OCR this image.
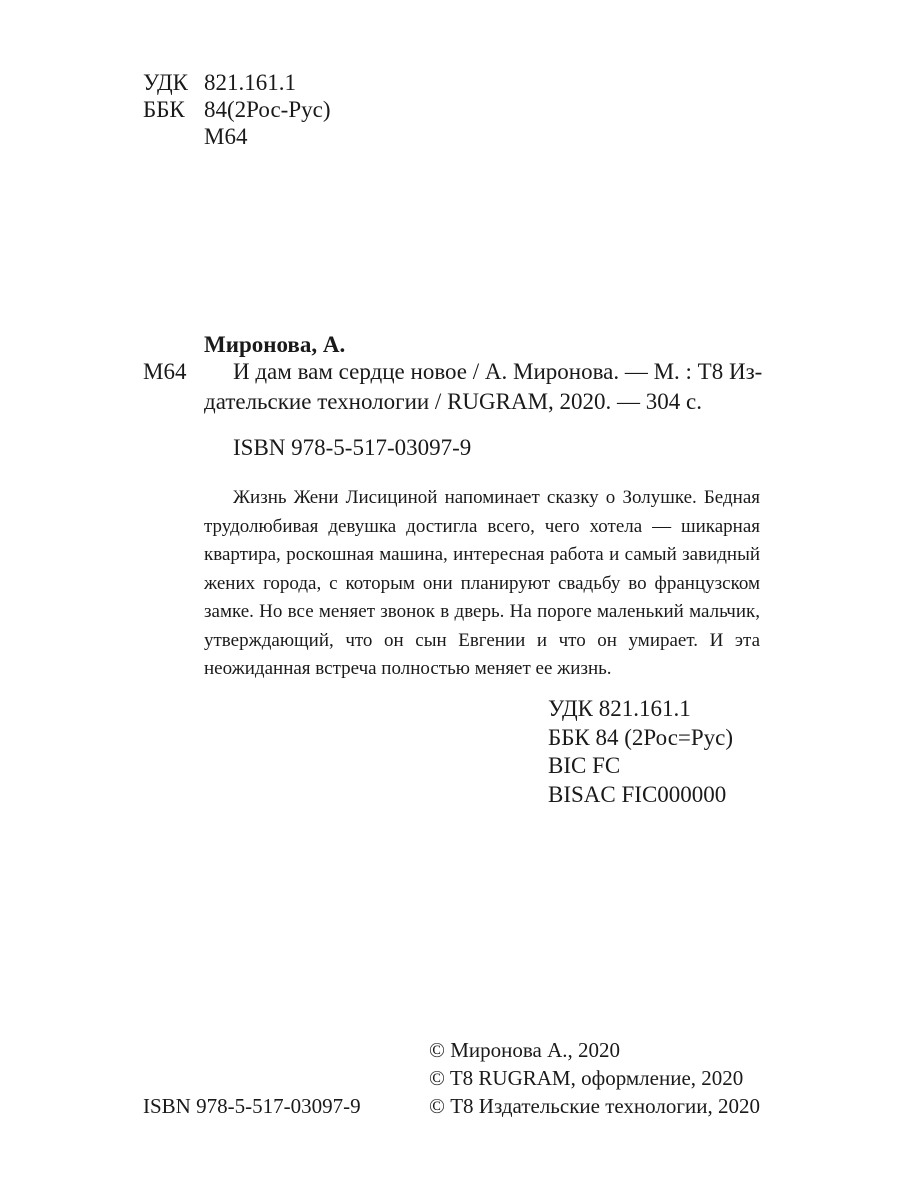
УДК 821.161.1
ББК 84(2Рос-Рус)
М64
Миронова, А.
М64	И дам вам сердце новое / А. Миронова. — М. : Т8 Из-
дательские технологии / RUGRAM, 2020. — 304 с.
ISBN 978-5-517-03097-9
Жизнь Жени Лисициной напоминает сказку о Золушке. Бедная трудолюбивая девушка достигла всего, чего хотела — шикарная квартира, роскошная машина, интересная работа и самый завидный жених города, с которым они планируют свадьбу во французском замке. Но все меняет звонок в дверь. На пороге маленький мальчик, утверждающий, что он сын Евгении и что он умирает. И эта неожиданная встреча полностью меняет ее жизнь.
УДК 821.161.1
ББК 84 (2Рос=Рус)
BIC FC
BISAC FIC000000
ISBN 978-5-517-03097-9
© Миронова А., 2020
© T8 RUGRAM, оформление, 2020
© Т8 Издательские технологии, 2020
